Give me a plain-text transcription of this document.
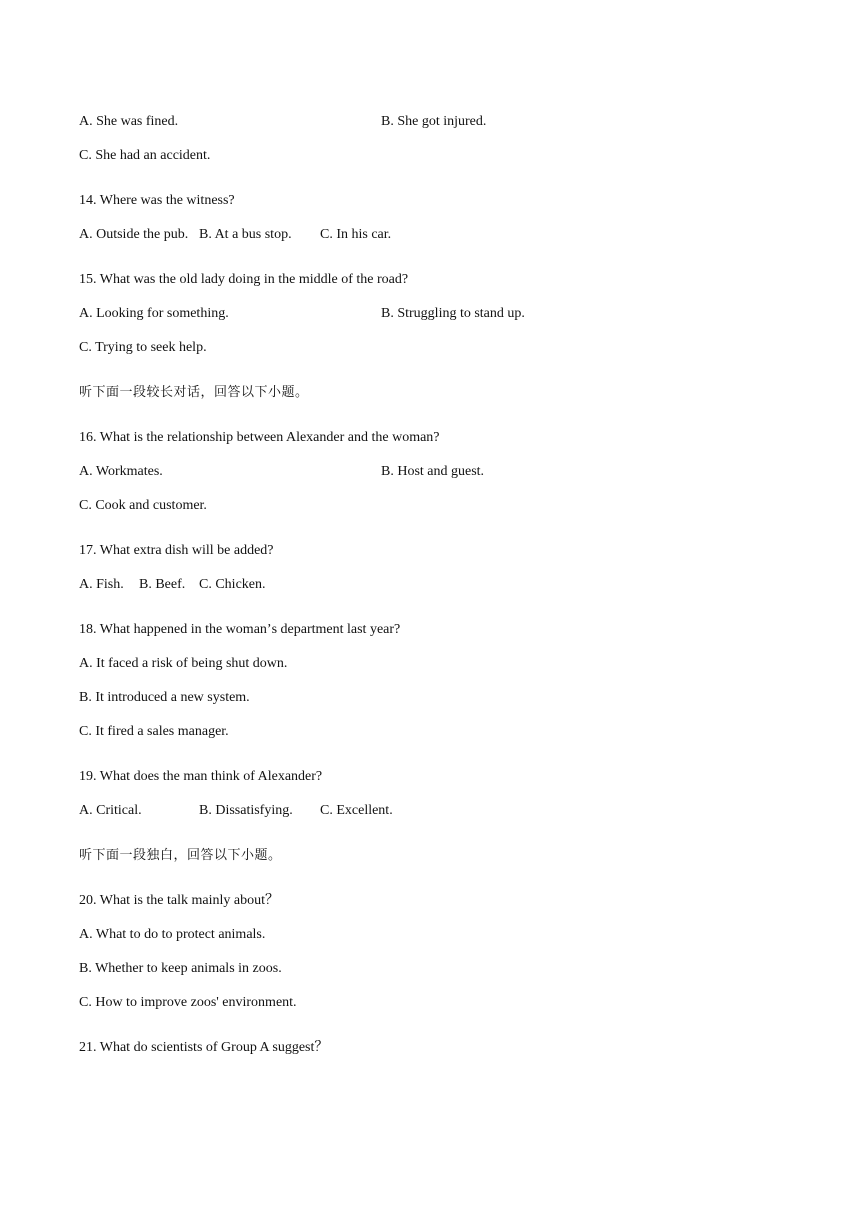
A. She was fined.	B. She got injured.
C. She had an accident.
14. Where was the witness?
A. Outside the pub. B. At a bus stop. C. In his car.
15. What was the old lady doing in the middle of the road?
A. Looking for something.	B. Struggling to stand up.
C. Trying to seek help.
听下面一段较长对话，回答以下小题。
16. What is the relationship between Alexander and the woman?
A. Workmates.	B. Host and guest.
C. Cook and customer.
17. What extra dish will be added?
A. Fish. B. Beef. C. Chicken.
18. What happened in the womanʼs department last year?
A. It faced a risk of being shut down.
B. It introduced a new system.
C. It fired a sales manager.
19. What does the man think of Alexander?
A. Critical.	B. Dissatisfying. C. Excellent.
听下面一段独白，回答以下小题。
20. What is the talk mainly about？
A. What to do to protect animals.
B. Whether to keep animals in zoos.
C. How to improve zoos' environment.
21. What do scientists of Group A suggest？
